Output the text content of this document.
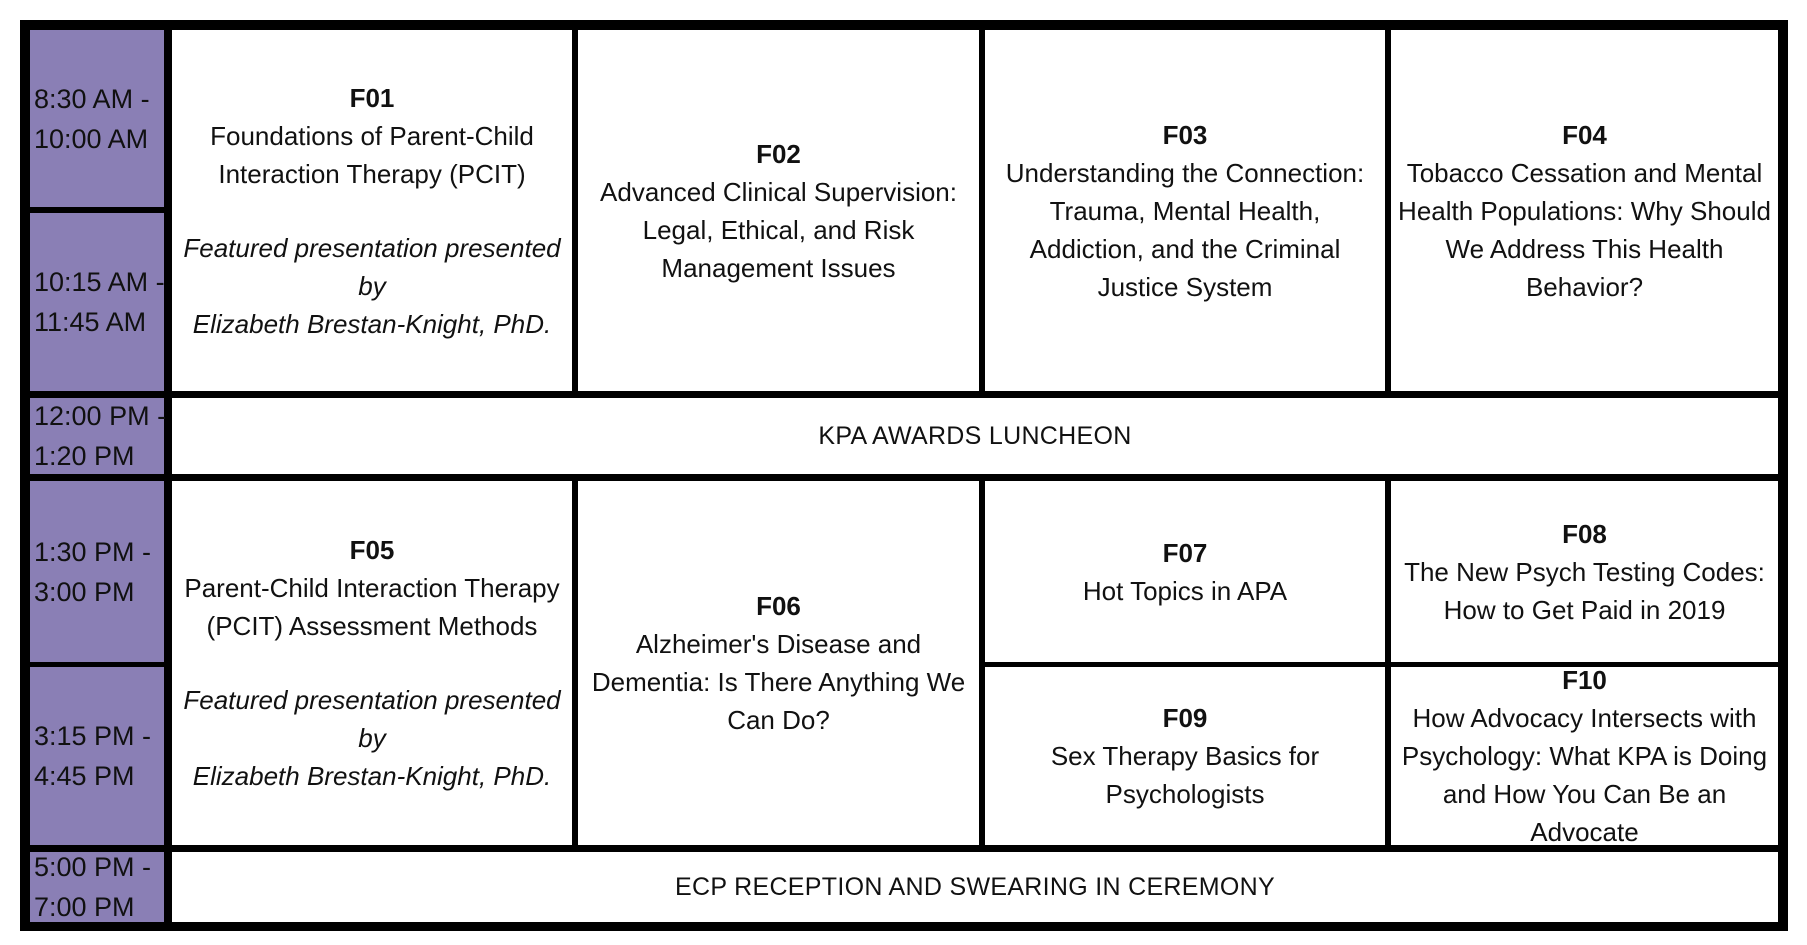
8:30 AM -
10:00 AM
10:15 AM -
11:45 AM
12:00 PM -
1:20 PM
1:30 PM -
3:00 PM
3:15 PM -
4:45 PM
5:00 PM -
7:00 PM
F01
Foundations of Parent-Child
Interaction Therapy (PCIT)
Featured presentation presented
by
Elizabeth Brestan-Knight, PhD.
F02
Advanced Clinical Supervision:
Legal, Ethical, and Risk
Management Issues
F03
Understanding the Connection:
Trauma, Mental Health,
Addiction, and the Criminal
Justice System
F04
Tobacco Cessation and Mental
Health Populations: Why Should
We Address This Health
Behavior?
KPA AWARDS LUNCHEON
F05
Parent-Child Interaction Therapy
(PCIT) Assessment Methods
Featured presentation presented
by
Elizabeth Brestan-Knight, PhD.
F06
Alzheimer's Disease and
Dementia: Is There Anything We
Can Do?
F07
Hot Topics in APA
F08
The New Psych Testing Codes:
How to Get Paid in 2019
F09
Sex Therapy Basics for
Psychologists
F10
How Advocacy Intersects with
Psychology: What KPA is Doing
and How You Can Be an
Advocate
ECP RECEPTION AND SWEARING IN CEREMONY
